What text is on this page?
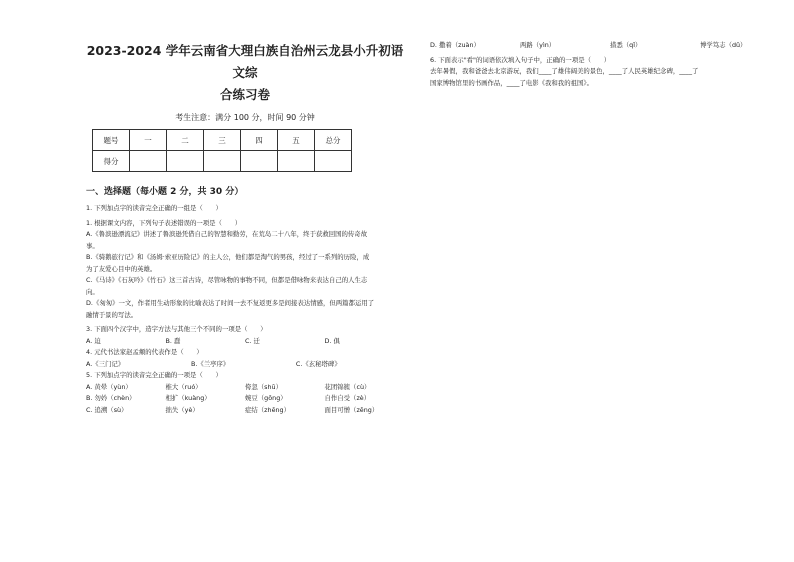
2023-2024 学年云南省大理白族自治州云龙县小升初语文综
合练习卷
考生注意：满分 100 分，时间 90 分钟
题号	一	二	三	四	五	总分
得分						
一、选择题（每小题 2 分，共 30 分）
1. 下列加点字的读音完全正确的一组是（　　）
1. 根据课文内容，下列句子表述错误的一项是（　　）
A.《鲁滨逊漂流记》讲述了鲁滨逊凭借自己的智慧和勤劳，在荒岛二十八年，终于获救回国的传奇故
事。
B.《骑鹅旅行记》和《汤姆·索亚历险记》的主人公，他们都是淘气的男孩，经过了一系列的历险，成
为了友爱心目中的英雄。
C.《马诗》《石灰吟》《竹石》这三首古诗，尽管咏物的事物不同，但都是借咏物来表达自己的人生志
向。
D.《匆匆》一文，作者用生动形象的比喻表达了时间一去不复返更多是间接表达情感，但两篇都运用了
融情于景的写法。
3. 下面四个汉字中，造字方法与其他三个不同的一项是（　　）
A. 迫	B. 蠢	C. 迁	D. 俱
4. 元代书法家赵孟頫的代表作是（　　）
A.《三门记》	B.《兰亭序》	C.《玄秘塔碑》
5. 下列加点字的读音完全正确的一项是（　　）
A. 黄晕（yùn）	椎大（ruó）	侉忽（shū）	花团锦簇（cù）
B. 勿妗（chèn）	相扩（kuàng）	婉豆（gōng）	自作自受（zè）
C. 追溯（sù）	拙失（yè）	症结（zhēng）	面目可憎（zēng）
D. 撒着（zuàn）	两路（yìn）	措悉（qǐ）	博学笃志（dǔ）
6. 下面表示"看"的词语依次填入句子中，正确的一项是（　　）
去年暑假，我和爸爸去北京游玩，我们____了雄伟阔美的景色，____了人民英雄纪念碑，____了
国家博物馆里的书画作品，____了电影《我和我的祖国》。
